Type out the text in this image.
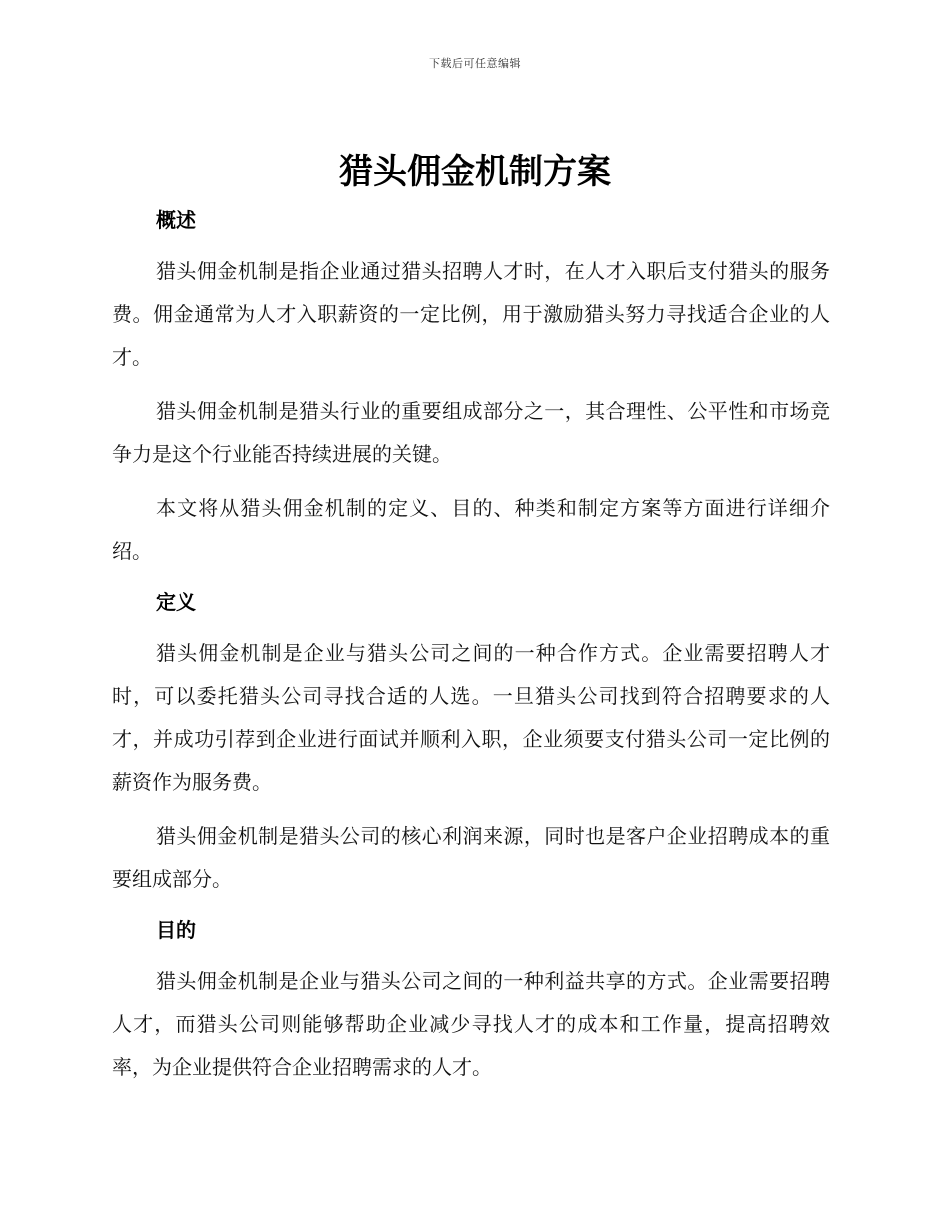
下载后可任意编辑
猎头佣金机制方案
概述

猎头佣金机制是指企业通过猎头招聘人才时，在人才入职后支付猎头的服务费。佣金通常为人才入职薪资的一定比例，用于激励猎头努力寻找适合企业的人才。

猎头佣金机制是猎头行业的重要组成部分之一，其合理性、公平性和市场竞争力是这个行业能否持续进展的关键。

本文将从猎头佣金机制的定义、目的、种类和制定方案等方面进行详细介绍。

定义

猎头佣金机制是企业与猎头公司之间的一种合作方式。企业需要招聘人才时，可以委托猎头公司寻找合适的人选。一旦猎头公司找到符合招聘要求的人才，并成功引荐到企业进行面试并顺利入职，企业须要支付猎头公司一定比例的薪资作为服务费。

猎头佣金机制是猎头公司的核心利润来源，同时也是客户企业招聘成本的重要组成部分。

目的

猎头佣金机制是企业与猎头公司之间的一种利益共享的方式。企业需要招聘人才，而猎头公司则能够帮助企业减少寻找人才的成本和工作量，提高招聘效率，为企业提供符合企业招聘需求的人才。
